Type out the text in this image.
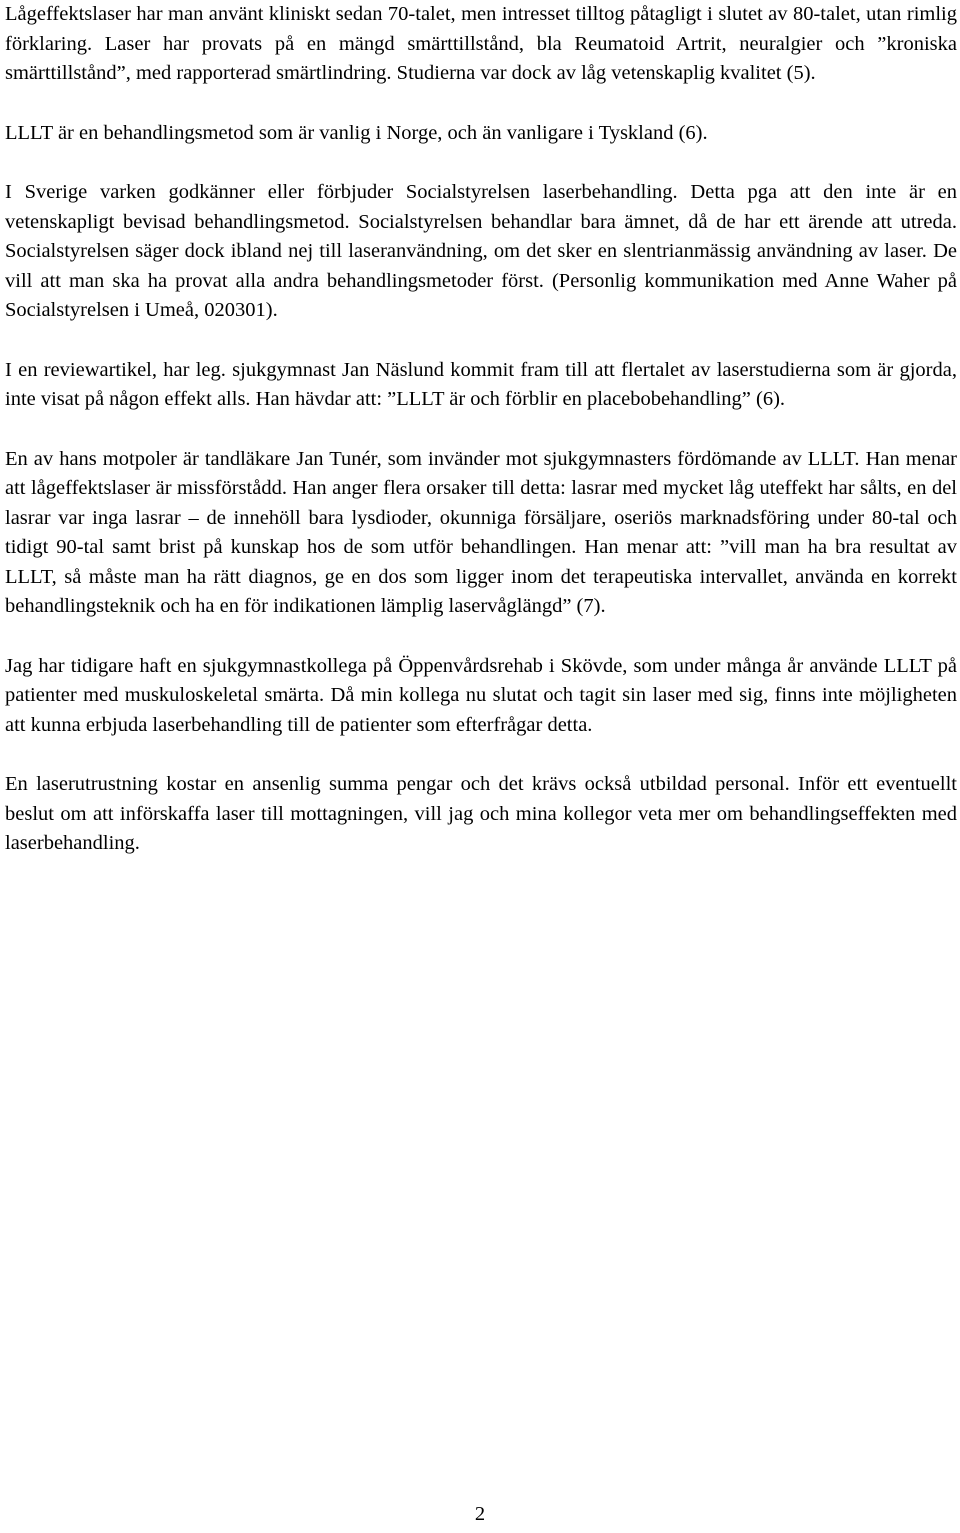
Lågeffektslaser har man använt kliniskt sedan 70-talet, men intresset tilltog påtagligt i slutet av 80-talet, utan rimlig förklaring. Laser har provats på en mängd smärttillstånd, bla Reumatoid Artrit, neuralgier och ”kroniska smärttillstånd”, med rapporterad smärtlindring. Studierna var dock av låg vetenskaplig kvalitet (5).

LLLT är en behandlingsmetod som är vanlig i Norge, och än vanligare i Tyskland (6).

I Sverige varken godkänner eller förbjuder Socialstyrelsen laserbehandling. Detta pga att den inte är en vetenskapligt bevisad behandlingsmetod. Socialstyrelsen behandlar bara ämnet, då de har ett ärende att utreda. Socialstyrelsen säger dock ibland nej till laseranvändning, om det sker en slentrianmässig användning av laser. De vill att man ska ha provat alla andra behandlingsmetoder först. (Personlig kommunikation med Anne Waher på Socialstyrelsen i Umeå, 020301).

I en reviewartikel, har leg. sjukgymnast Jan Näslund kommit fram till att flertalet av laserstudierna som är gjorda, inte visat på någon effekt alls. Han hävdar att: ”LLLT är och förblir en placebobehandling” (6).

En av hans motpoler är tandläkare Jan Tunér, som invänder mot sjukgymnasters fördömande av LLLT. Han menar att lågeffektslaser är missförstådd. Han anger flera orsaker till detta: lasrar med mycket låg uteffekt har sålts, en del lasrar var inga lasrar – de innehöll bara lysdioder, okunniga försäljare, oseriös marknadsföring under 80-tal och tidigt 90-tal samt brist på kunskap hos de som utför behandlingen. Han menar att: ”vill man ha bra resultat av LLLT, så måste man ha rätt diagnos, ge en dos som ligger inom det terapeutiska intervallet, använda en korrekt behandlingsteknik och ha en för indikationen lämplig laservåglängd” (7).

Jag har tidigare haft en sjukgymnastkollega på Öppenvårdsrehab i Skövde, som under många år använde LLLT på patienter med muskuloskeletal smärta. Då min kollega nu slutat och tagit sin laser med sig, finns inte möjligheten att kunna erbjuda laserbehandling till de patienter som efterfrågar detta.

En laserutrustning kostar en ansenlig summa pengar och det krävs också utbildad personal. Inför ett eventuellt beslut om att införskaffa laser till mottagningen, vill jag och mina kollegor veta mer om behandlingseffekten med laserbehandling.

2
